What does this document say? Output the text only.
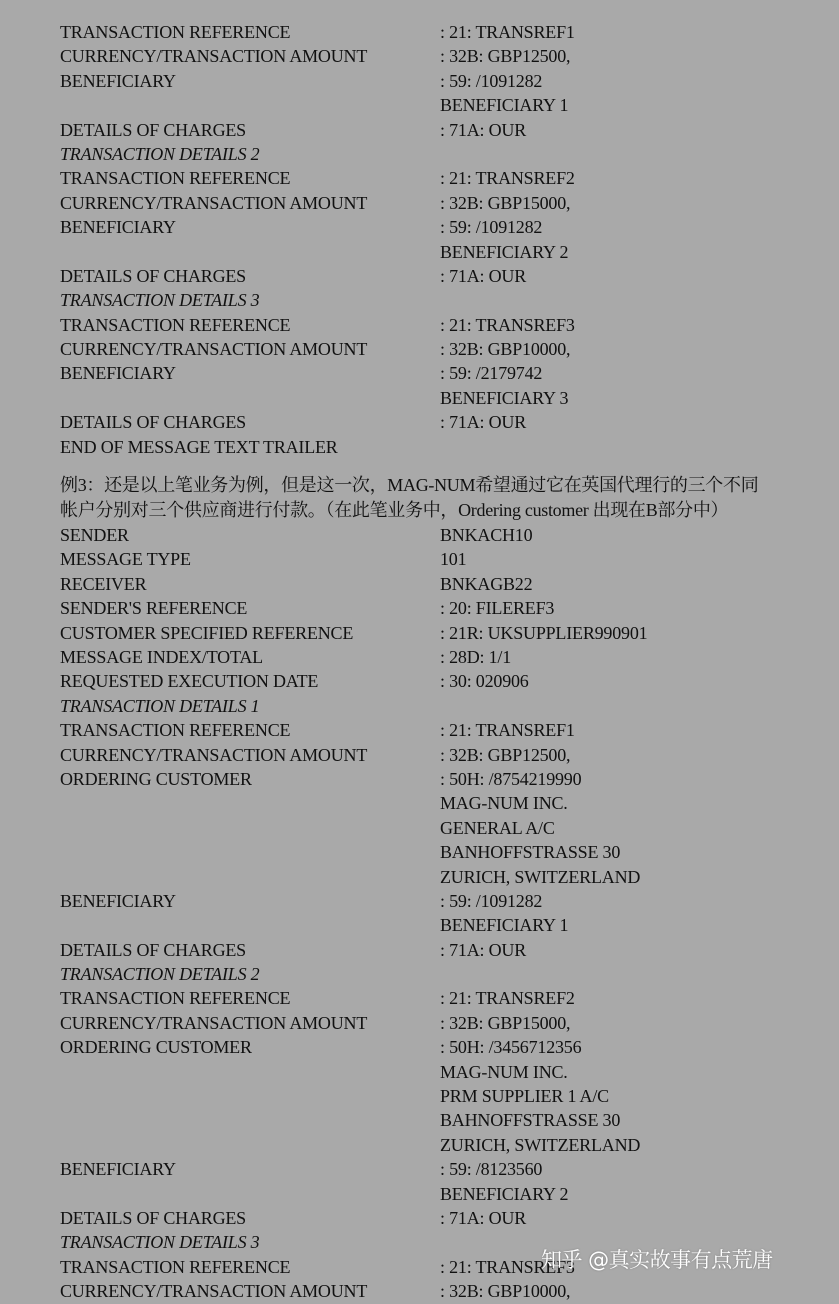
TRANSACTION REFERENCE	: 21: TRANSREF1
CURRENCY/TRANSACTION AMOUNT	: 32B: GBP12500,
BENEFICIARY	: 59: /1091282
BENEFICIARY 1
DETAILS OF CHARGES	: 71A: OUR
TRANSACTION DETAILS 2
TRANSACTION REFERENCE	: 21: TRANSREF2
CURRENCY/TRANSACTION AMOUNT	: 32B: GBP15000,
BENEFICIARY	: 59: /1091282
BENEFICIARY 2
DETAILS OF CHARGES	: 71A: OUR
TRANSACTION DETAILS 3
TRANSACTION REFERENCE	: 21: TRANSREF3
CURRENCY/TRANSACTION AMOUNT	: 32B: GBP10000,
BENEFICIARY	: 59: /2179742
BENEFICIARY 3
DETAILS OF CHARGES	: 71A: OUR
END OF MESSAGE TEXT TRAILER
例3：还是以上笔业务为例，但是这一次，MAG-NUM希望通过它在英国代理行的三个不同
帐户分别对三个供应商进行付款。（在此笔业务中，Ordering customer 出现在B部分中）
SENDER	BNKACH10
MESSAGE TYPE	101
RECEIVER	BNKAGB22
SENDER'S REFERENCE	: 20: FILEREF3
CUSTOMER SPECIFIED REFERENCE	: 21R: UKSUPPLIER990901
MESSAGE INDEX/TOTAL	: 28D: 1/1
REQUESTED EXECUTION DATE	: 30: 020906
TRANSACTION DETAILS 1
TRANSACTION REFERENCE	: 21: TRANSREF1
CURRENCY/TRANSACTION AMOUNT	: 32B: GBP12500,
ORDERING CUSTOMER	: 50H: /8754219990
MAG-NUM INC.
GENERAL A/C
BANHOFFSTRASSE 30
ZURICH, SWITZERLAND
BENEFICIARY	: 59: /1091282
BENEFICIARY 1
DETAILS OF CHARGES	: 71A: OUR
TRANSACTION DETAILS 2
TRANSACTION REFERENCE	: 21: TRANSREF2
CURRENCY/TRANSACTION AMOUNT	: 32B: GBP15000,
ORDERING CUSTOMER	: 50H: /3456712356
MAG-NUM INC.
PRM SUPPLIER 1 A/C
BAHNOFFSTRASSE 30
ZURICH, SWITZERLAND
BENEFICIARY	: 59: /8123560
BENEFICIARY 2
DETAILS OF CHARGES	: 71A: OUR
TRANSACTION DETAILS 3
TRANSACTION REFERENCE	: 21: TRANSREF3
CURRENCY/TRANSACTION AMOUNT	: 32B: GBP10000,
知乎 @真实故事有点荒唐
